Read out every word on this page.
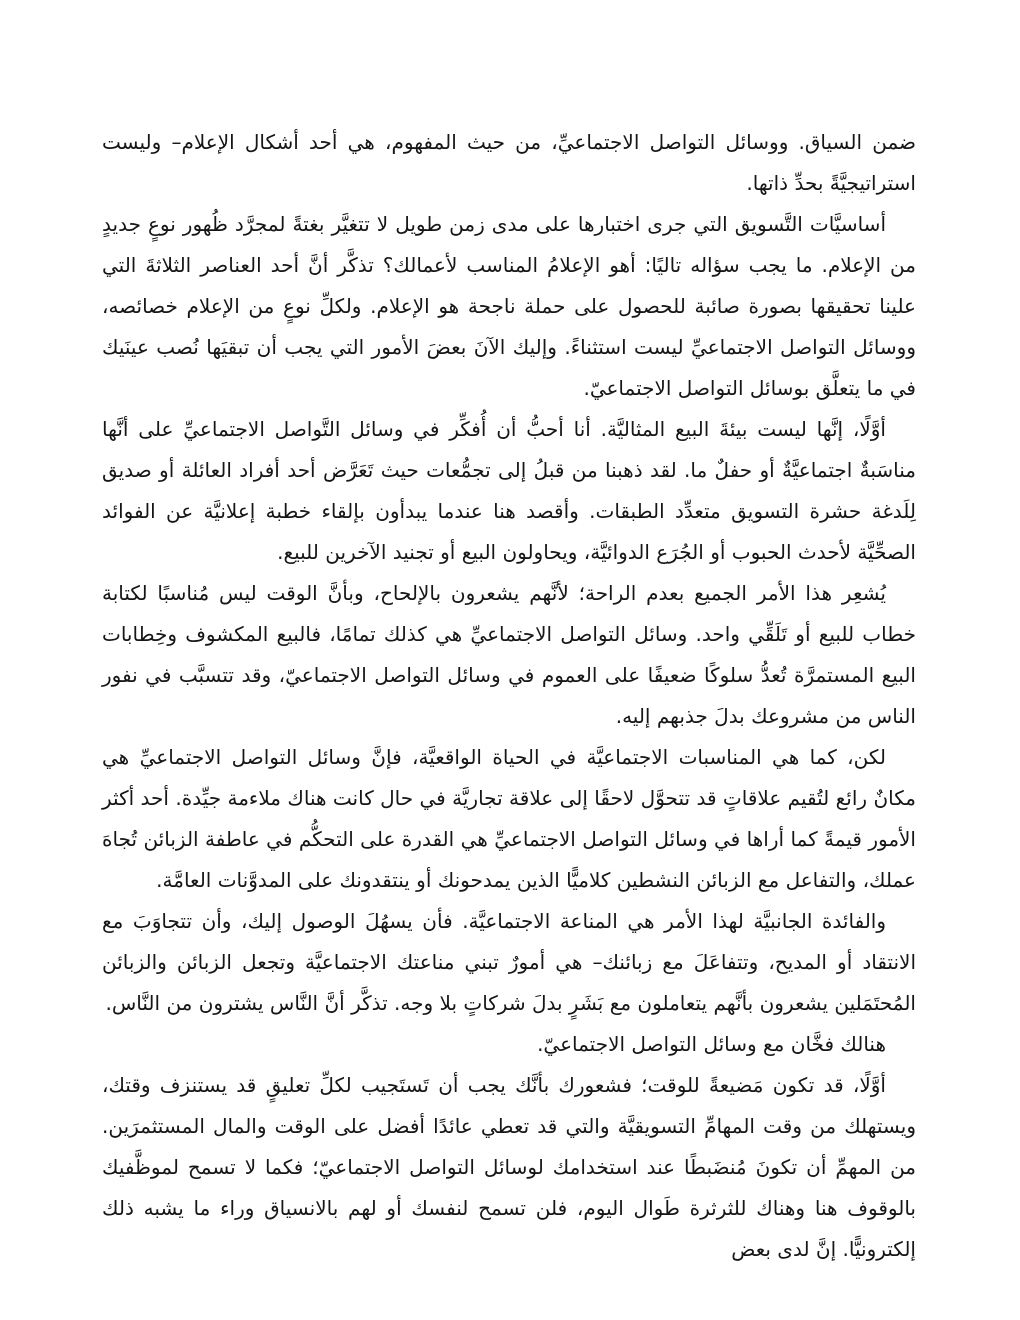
ضمن السياق. ووسائل التواصل الاجتماعيِّ، من حيث المفهوم، هي أحد أشكال الإعلام– وليست استراتيجيَّةً بحدِّ ذاتها.

أساسيَّات التَّسويق التي جرى اختبارها على مدى زمن طويل لا تتغيَّر بغتةً لمجرَّد ظُهور نوعٍ جديدٍ من الإعلام. ما يجب سؤاله تاليًا: أهو الإعلامُ المناسب لأعمالك؟ تذكَّر أنَّ أحد العناصر الثلاثةَ التي علينا تحقيقها بصورة صائبة للحصول على حملة ناجحة هو الإعلام. ولكلِّ نوعٍ من الإعلام خصائصه، ووسائل التواصل الاجتماعيِّ ليست استثناءً. وإليك الآنَ بعضَ الأمور التي يجب أن تبقيَها نُصب عينَيك في ما يتعلَّق بوسائل التواصل الاجتماعيّ.

أوَّلًا، إنَّها ليست بيئةَ البيع المثاليَّة. أنا أحبُّ أن أُفكِّر في وسائل التَّواصل الاجتماعيِّ على أنَّها مناسَبةٌ اجتماعيَّةٌ أو حفلٌ ما. لقد ذهبنا من قبلُ إلى تجمُّعات حيث تَعَرَّض أحد أفراد العائلة أو صديق لِلَدغة حشرة التسويق متعدِّد الطبقات. وأقصد هنا عندما يبدأون بإلقاء خطبة إعلانيَّة عن الفوائد الصحِّيَّة لأحدث الحبوب أو الجُرَع الدوائيَّة، ويحاولون البيع أو تجنيد الآخرين للبيع.

يُشعِر هذا الأمر الجميع بعدم الراحة؛ لأنَّهم يشعرون بالإلحاح، وبأنَّ الوقت ليس مُناسبًا لكتابة خطاب للبيع أو تَلَقِّي واحد. وسائل التواصل الاجتماعيِّ هي كذلك تمامًا، فالبيع المكشوف وخِطابات البيع المستمرَّة تُعدُّ سلوكًا ضعيفًا على العموم في وسائل التواصل الاجتماعيّ، وقد تتسبَّب في نفور الناس من مشروعك بدلَ جذبهم إليه.

لكن، كما هي المناسبات الاجتماعيَّة في الحياة الواقعيَّة، فإنَّ وسائل التواصل الاجتماعيِّ هي مكانٌ رائع لتُقيم علاقاتٍ قد تتحوَّل لاحقًا إلى علاقة تجاريَّة في حال كانت هناك ملاءمة جيِّدة. أحد أكثر الأمور قيمةً كما أراها في وسائل التواصل الاجتماعيِّ هي القدرة على التحكُّم في عاطفة الزبائن تُجاهَ عملك، والتفاعل مع الزبائن النشطين كلاميًّا الذين يمدحونك أو ينتقدونك على المدوَّنات العامَّة.

والفائدة الجانبيَّة لهذا الأمر هي المناعة الاجتماعيَّة. فأن يسهُلَ الوصول إليك، وأن تتجاوَبَ مع الانتقاد أو المديح، وتتفاعَلَ مع زبائنك– هي أمورٌ تبني مناعتك الاجتماعيَّة وتجعل الزبائن والزبائن المُحتَمَلين يشعرون بأنَّهم يتعاملون مع بَشَرٍ بدلَ شركاتٍ بلا وجه. تذكَّر أنَّ النَّاس يشترون من النَّاس.

هنالك فخَّان مع وسائل التواصل الاجتماعيّ.

أوَّلًا، قد تكون مَضيعةً للوقت؛ فشعورك بأنَّك يجب أن تَستَجيب لكلِّ تعليقٍ قد يستنزف وقتك، ويستهلك من وقت المهامِّ التسويقيَّة والتي قد تعطي عائدًا أفضل على الوقت والمال المستثمرَين. من المهمِّ أن تكونَ مُنضَبطًا عند استخدامك لوسائل التواصل الاجتماعيّ؛ فكما لا تسمح لموظَّفيك بالوقوف هنا وهناك للثرثرة طَوال اليوم، فلن تسمح لنفسك أو لهم بالانسياق وراء ما يشبه ذلك إلكترونيًّا. إنَّ لدى بعض
